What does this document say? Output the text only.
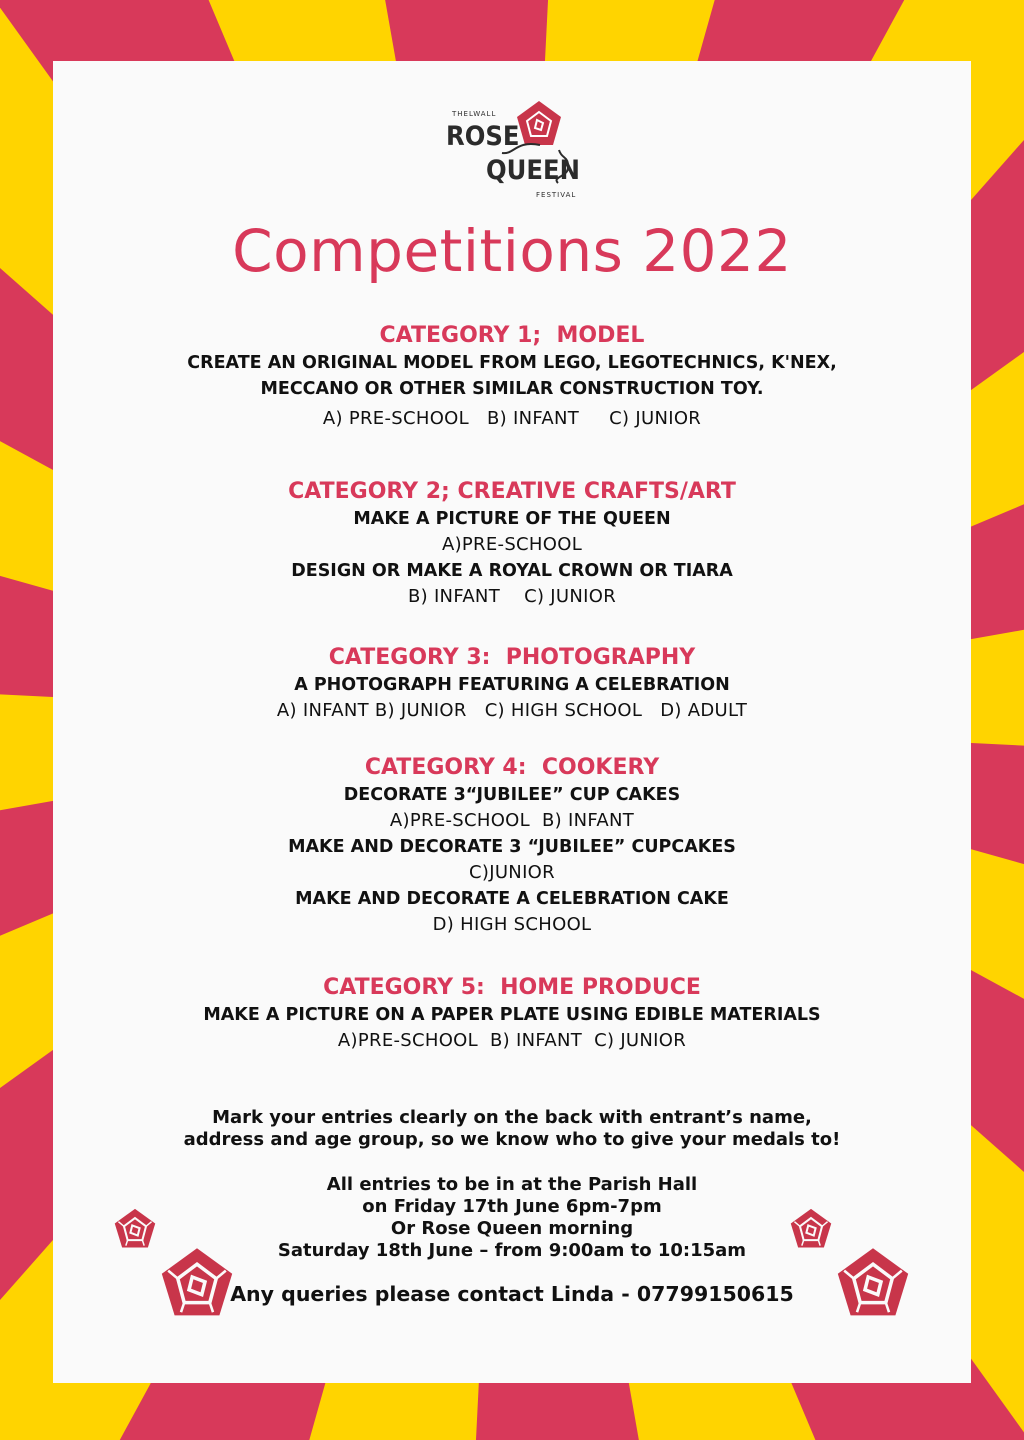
THELWALL
ROSE
QUEEN
FESTIVAL
Competitions 2022
CATEGORY 1;  MODEL
CREATE AN ORIGINAL MODEL FROM LEGO, LEGOTECHNICS, K'NEX,
MECCANO OR OTHER SIMILAR CONSTRUCTION TOY.
A) PRE-SCHOOL   B) INFANT     C) JUNIOR
CATEGORY 2; CREATIVE CRAFTS/ART
MAKE A PICTURE OF THE QUEEN
A)PRE-SCHOOL
DESIGN OR MAKE A ROYAL CROWN OR TIARA
B) INFANT    C) JUNIOR
CATEGORY 3:  PHOTOGRAPHY
A PHOTOGRAPH FEATURING A CELEBRATION
A) INFANT B) JUNIOR   C) HIGH SCHOOL   D) ADULT
CATEGORY 4:  COOKERY
DECORATE 3“JUBILEE” CUP CAKES
A)PRE-SCHOOL  B) INFANT
MAKE AND DECORATE 3 “JUBILEE” CUPCAKES
C)JUNIOR
MAKE AND DECORATE A CELEBRATION CAKE
D) HIGH SCHOOL
CATEGORY 5:  HOME PRODUCE
MAKE A PICTURE ON A PAPER PLATE USING EDIBLE MATERIALS
A)PRE-SCHOOL  B) INFANT  C) JUNIOR
Mark your entries clearly on the back with entrant’s name,
address and age group, so we know who to give your medals to!
All entries to be in at the Parish Hall
on Friday 17th June 6pm-7pm
Or Rose Queen morning
Saturday 18th June – from 9:00am to 10:15am
Any queries please contact Linda - 07799150615
